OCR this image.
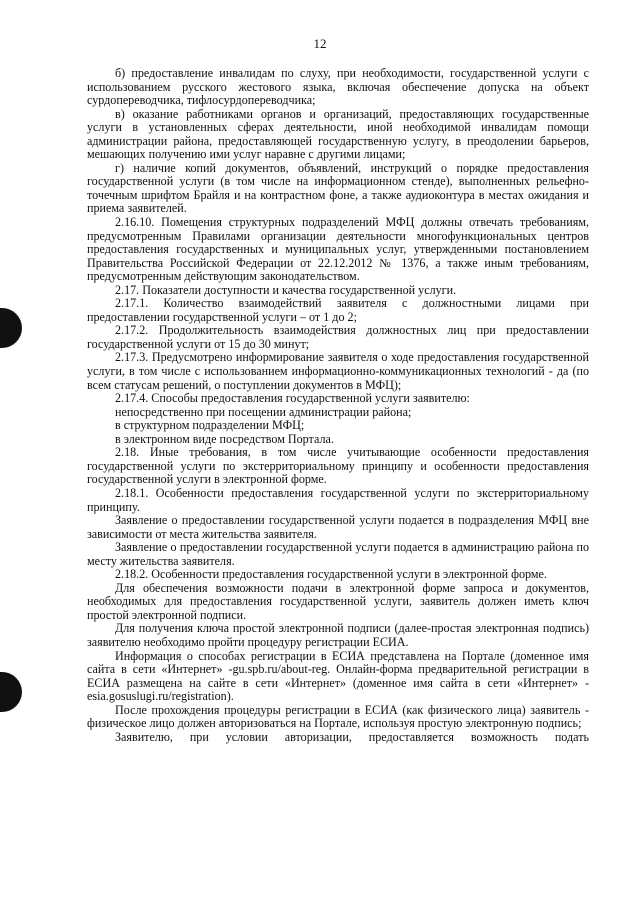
12

б) предоставление инвалидам по слуху, при необходимости, государственной услуги с использованием русского жестового языка, включая обеспечение допуска на объект сурдопереводчика, тифлосурдопереводчика;

в) оказание работниками органов и организаций, предоставляющих государственные услуги в установленных сферах деятельности, иной необходимой инвалидам помощи администрации района, предоставляющей государственную услугу, в преодолении барьеров, мешающих получению ими услуг наравне с другими лицами;

г) наличие копий документов, объявлений, инструкций о порядке предоставления государственной услуги (в том числе на информационном стенде), выполненных рельефно-точечным шрифтом Брайля и на контрастном фоне, а также аудиоконтура в местах ожидания и приема заявителей.

2.16.10. Помещения структурных подразделений МФЦ должны отвечать требованиям, предусмотренным Правилами организации деятельности многофункциональных центров предоставления государственных и муниципальных услуг, утвержденными постановлением Правительства Российской Федерации от 22.12.2012 № 1376, а также иным требованиям, предусмотренным действующим законодательством.

2.17. Показатели доступности и качества государственной услуги.

2.17.1. Количество взаимодействий заявителя с должностными лицами при предоставлении государственной услуги – от 1 до 2;

2.17.2. Продолжительность взаимодействия должностных лиц при предоставлении государственной услуги от 15 до 30 минут;

2.17.3. Предусмотрено информирование заявителя о ходе предоставления государственной услуги, в том числе с использованием информационно-коммуникационных технологий - да (по всем статусам решений, о поступлении документов в МФЦ);

2.17.4. Способы предоставления государственной услуги заявителю:

непосредственно при посещении администрации района;

в структурном подразделении МФЦ;

в электронном виде посредством Портала.

2.18. Иные требования, в том числе учитывающие особенности предоставления государственной услуги по экстерриториальному принципу и особенности предоставления государственной услуги в электронной форме.

2.18.1. Особенности предоставления государственной услуги по экстерриториальному принципу.

Заявление о предоставлении государственной услуги подается в подразделения МФЦ вне зависимости от места жительства заявителя.

Заявление о предоставлении государственной услуги подается в администрацию района по месту жительства заявителя.

2.18.2. Особенности предоставления государственной услуги в электронной форме.

Для обеспечения возможности подачи в электронной форме запроса и документов, необходимых для предоставления государственной услуги, заявитель должен иметь ключ простой электронной подписи.

Для получения ключа простой электронной подписи (далее-простая электронная подпись) заявителю необходимо пройти процедуру регистрации ЕСИА.

Информация о способах регистрации в ЕСИА представлена на Портале (доменное имя сайта в сети «Интернет» -gu.spb.ru/about-reg. Онлайн-форма предварительной регистрации в ЕСИА размещена на сайте в сети «Интернет» (доменное имя сайта в сети «Интернет» - esia.gosuslugi.ru/registration).

После прохождения процедуры регистрации в ЕСИА (как физического лица) заявитель - физическое лицо должен авторизоваться на Портале, используя простую электронную подпись;

Заявителю, при условии авторизации, предоставляется возможность подать
